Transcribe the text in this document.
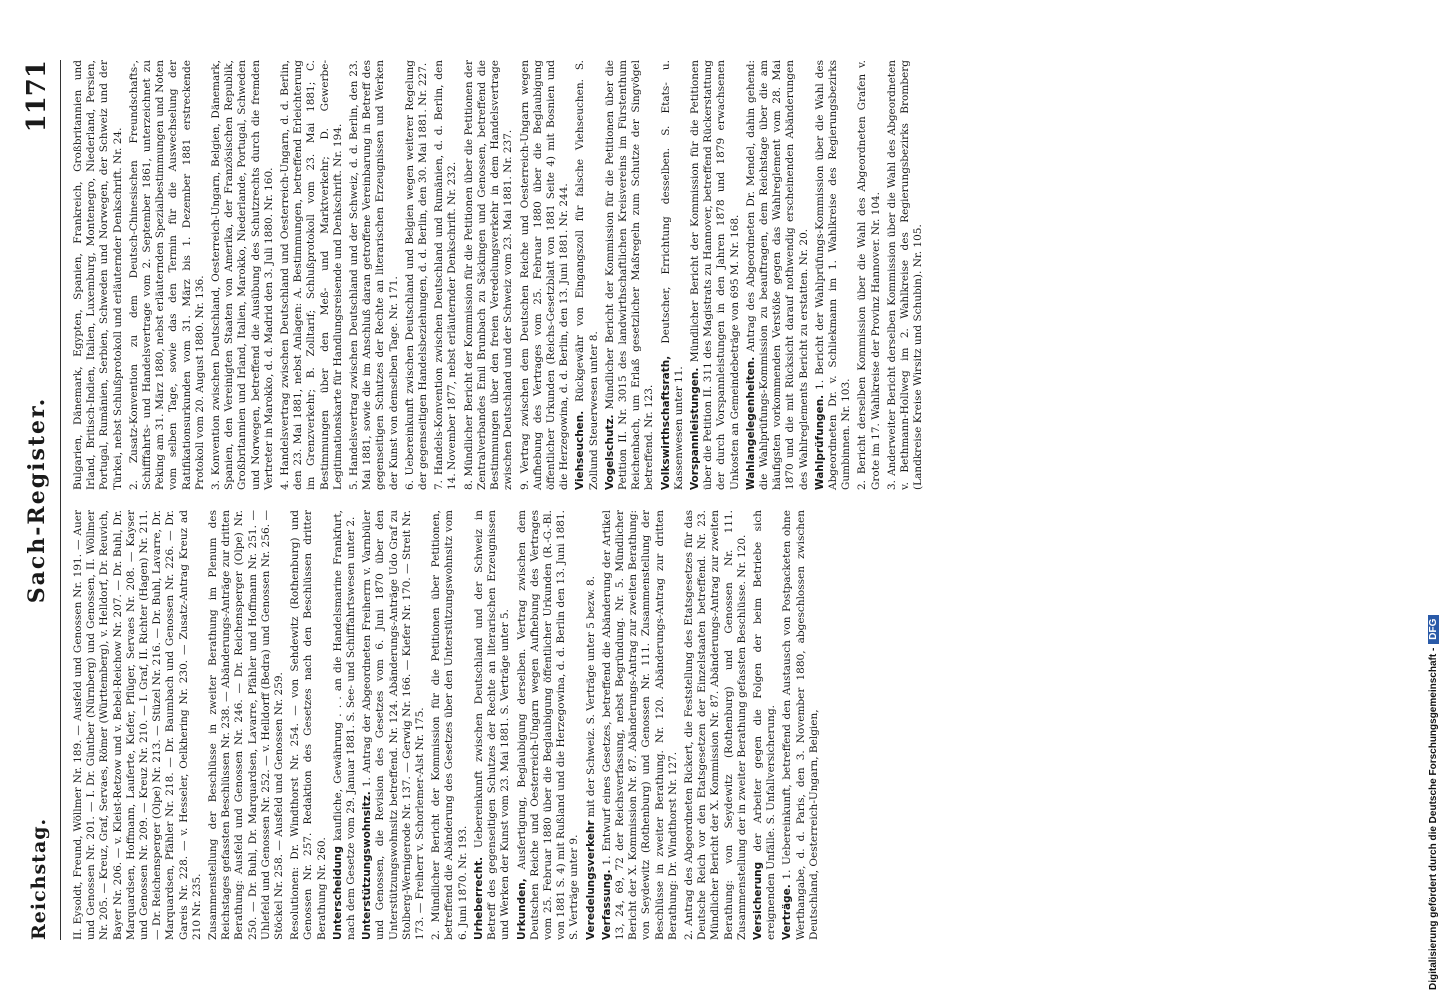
Reichstag.
Sach-Register.
1171
II. Eysoldt, Freund, Wöllmer Nr. 189. — Ausfeld und Genossen Nr. 191. — Auer und Genossen Nr. 201. — I. Dr. Güntber (Nürnberg) und Genossen, II. Wöllmer Nr. 205. — Kreuz, Graf, Servaes, Römer (Württemberg), v. Helldorf, Dr. Reuvich, Bayer Nr. 206. — v. Kleist-Retzow und v. Bebel-Reichow Nr. 207. — Dr. Buhl, Dr. Marquardsen, Hoffmann, Lauferte, Kiefer, Pflüger, Servaes Nr. 208. — Kayser und Genossen Nr. 209. — Kreuz Nr. 210. — I. Graf, II. Richter (Hagen) Nr. 211. — Dr. Reichensperger (Olpe) Nr. 213. — Stüzel Nr. 216. — Dr. Buhl, Lavarre, Dr. Marquardsen, Pfähler Nr. 218. — Dr. Baumbach und Genossen Nr. 226. — Dr. Gareis Nr. 228. — v. Hesseler, Oelkhering Nr. 230. — Zusatz-Antrag Kreuz ad 210 Nr. 235. Zusammenstellung der Beschlüsse in zweiter Berathung im Plenum des Reichstages gefassten Beschlüssen Nr. 238. — Abänderungs-Anträge zur dritten Berathung: Ausfeld und Genossen Nr. 246. — Dr. Reichensperger (Olpe) Nr. 250. — Dr. Buhl, Dr. Marquardsen, Lavarre, Pfähler und Hoffmann Nr. 251. — Uhlefeld und Genossen Nr. 252. — v. Helldorff (Bedra) und Genossen Nr. 256. — Stöckel Nr. 258. — Ausfeld und Genossen Nr. 259. Resolutionen: Dr. Windthorst Nr. 254. — von Sehdewitz (Rothenburg) und Genossen Nr. 257. Redaktion des Gesetzes nach den Beschlüssen dritter Berathung Nr. 260. Unterscheidung kaufliche, Gewährung . . . an die Handelsmarine Frankfurt, nach dem Gesetze vom 29. Januar 1881. S. See- und Schifffahrtswesen unter 2. Unterstützungswohnsitz. 1. Antrag der Abgeordneten Freiherrn v. Varnbüler und Genossen, die Revision des Gesetzes vom 6. Juni 1870 über den Unterstützungswohnsitz betreffend. Nr. 124. Abänderungs-Anträge Udo Graf zu Stolberg-Wernigerode Nr. 137. — Gerwig Nr. 166. — Kiefer Nr. 170. — Streit Nr. 173. — Freiherr v. Schorlemer-Alst Nr. 175. 2. Mündlicher Bericht der Kommission für die Petitionen über Petitionen, betreffend die Abänderung des Gesetzes über den Unterstützungswohnsitz vom 6. Juni 1870. Nr. 193. Urheberrecht. Uebereinkunft zwischen Deutschland und der Schweiz in Betreff des gegenseitigen Schutzes der Rechte an literarischen Erzeugnissen und Werken der Kunst vom 23. Mai 1881. S. Verträge unter 5. Urkunden, Ausfertigung, Beglaubigung derselben. Vertrag zwischen dem Deutschen Reiche und Oesterreich-Ungarn wegen Aufhebung des Vertrages vom 25. Februar 1880 über die Beglaubigung öffentlicher Urkunden (R.-G.-Bl. von 1881 S. 4) mit Rußland und die Herzegowina, d. d. Berlin den 13. Juni 1881. S. Verträge unter 9. Veredelungsverkehr mit der Schweiz. S. Verträge unter 5 bezw. 8.
Verfassung. 1. Entwurf eines Gesetzes, betreffend die Abänderung der Artikel 13, 24, 69, 72 der Reichsverfassung, nebst Begründung. Nr. 5. Mündlicher Bericht der X. Kommission Nr. 87. Abänderungs-Antrag zur zweiten Berathung: von Seydewitz (Rothenburg) und Genossen Nr. 111. Zusammenstellung der Beschlüsse in zweiter Berathung. Nr. 120. Abänderungs-Antrag zur dritten Berathung: Dr. Windthorst Nr. 127. 2. Antrag des Abgeordneten Rickert, die Feststellung des Etatsgesetzes für das Deutsche Reich vor den Etatsgesetzen der Einzelstaaten betreffend. Nr. 23. Mündlicher Bericht der X. Kommission Nr. 87. Abänderungs-Antrag zur zweiten Berathung: von Seydewitz (Rothenburg) und Genossen Nr. 111. Zusammenstellung der in zweiter Berathung gefassten Beschlüsse. Nr. 120. Versicherung der Arbeiter gegen die Folgen der beim Betriebe sich ereignenden Unfälle. S. Unfallversicherung. Verträge. 1. Uebereinkunft, betreffend den Austausch von Postpacketen ohne Werthangabe, d. d. Paris, den 3. November 1880, abgeschlossen zwischen Deutschland, Oesterreich-Ungarn, Belgien,
Bulgarien, Dänemark, Egypten, Spanien, Frankreich, Großbritannien und Irland, Britisch-Indien, Italien, Luxemburg, Montenegro, Niederland, Persien, Portugal, Rumänien, Serbien, Schweden und Norwegen, der Schweiz und der Türkei, nebst Schlußprotokoll und erläuternder Denkschrift. Nr. 24. 2. Zusatz-Konvention zu dem Deutsch-Chinesischen Freundschafts-, Schifffahrts- und Handelsvertrage vom 2. September 1861, unterzeichnet zu Peking am 31. März 1880, nebst erläuternden Spezialbestimmungen und Noten vom selben Tage, sowie das den Termin für die Auswechselung der Ratifikationsurkunden vom 31. März bis 1. Dezember 1881 erstreckende Protokoll vom 20. August 1880. Nr. 136. 3. Konvention zwischen Deutschland, Oesterreich-Ungarn, Belgien, Dänemark, Spanien, den Vereinigten Staaten von Amerika, der Französischen Republik, Großbritannien und Irland, Italien, Marokko, Niederlande, Portugal, Schweden und Norwegen, betreffend die Ausübung des Schutzrechts durch die fremden Vertreter in Marokko, d. d. Madrid den 3. Juli 1880. Nr. 160. 4. Handelsvertrag zwischen Deutschland und Oesterreich-Ungarn, d. d. Berlin, den 23. Mai 1881, nebst Anlagen: A. Bestimmungen, betreffend Erleichterung im Grenzverkehr; B. Zolltarif; Schlußprotokoll vom 23. Mai 1881; C. Bestimmungen über den Meß- und Marktverkehr; D. Gewerbe-Legitimationskarte für Handlungsreisende und Denkschrift. Nr. 194. 5. Handelsvertrag zwischen Deutschland und der Schweiz, d. d. Berlin, den 23. Mai 1881, sowie die im Anschluß daran getroffene Vereinbarung in Betreff des gegenseitigen Schutzes der Rechte an literarischen Erzeugnissen und Werken der Kunst von demselben Tage. Nr. 171. 6. Uebereinkunft zwischen Deutschland und Belgien wegen weiterer Regelung der gegenseitigen Handelsbeziehungen, d. d. Berlin, den 30. Mai 1881. Nr. 227. 7. Handels-Konvention zwischen Deutschland und Rumänien, d. d. Berlin, den 14. November 1877, nebst erläuternder Denkschrift. Nr. 232. 8. Mündlicher Bericht der Kommission für die Petitionen über die Petitionen der Zentralverbandes Emil Brunbach zu Säckingen und Genossen, betreffend die Bestimmungen über den freien Veredelungsverkehr in dem Handelsvertrage zwischen Deutschland und der Schweiz vom 23. Mai 1881. Nr. 237. 9. Vertrag zwischen dem Deutschen Reiche und Oesterreich-Ungarn wegen Aufhebung des Vertrages vom 25. Februar 1880 über die Beglaubigung öffentlicher Urkunden (Reichs-Gesetzblatt von 1881 Seite 4) mit Bosnien und die Herzegowina, d. d. Berlin, den 13. Juni 1881. Nr. 244. Viehseuchen. Rückgewähr von Eingangszoll für falsche Viehseuchen. S. Zollund Steuerwesen unter 8. Vogelschutz. Mündlicher Bericht der Kommission für die Petitionen über die Petition II. Nr. 3015 des landwirthschaftlichen Kreisvereins im Fürstenthum Reichenbach, um Erlaß gesetzlicher Maßregeln zum Schutze der Singvögel betreffend. Nr. 123. Volkswirthschaftsrath, Deutscher, Errichtung desselben. S. Etats- u. Kassenwesen unter 11. Vorspannleistungen. Mündlicher Bericht der Kommission für die Petitionen über die Petition II. 311 des Magistrats zu Hannover, betreffend Rückerstattung der durch Vorspannleistungen in den Jahren 1878 und 1879 erwachsenen Unkosten an Gemeindebeträge von 695 M. Nr. 168. Wahlangelegenheiten. Antrag des Abgeordneten Dr. Mendel, dahin gehend: die Wahlprüfungs-Kommission zu beauftragen, dem Reichstage über die am häufigsten vorkommenden Verstöße gegen das Wahlreglement vom 28. Mai 1870 und die mit Rücksicht darauf nothwendig erscheinenden Abänderungen des Wahlreglements Bericht zu erstatten. Nr. 20. Wahlprüfungen. 1. Bericht der Wahlprüfungs-Kommission über die Wahl des Abgeordneten Dr. v. Schliekmann im 1. Wahlkreise des Regierungsbezirks Gumbinnen. Nr. 103. 2. Bericht derselben Kommission über die Wahl des Abgeordneten Grafen v. Grote im 17. Wahlkreise der Provinz Hannover. Nr. 104. 3. Anderweiter Bericht derselben Kommission über die Wahl des Abgeordneten v. Bethmann-Hollweg im 2. Wahlkreise des Regierungsbezirks Bromberg (Landkreise Kreise Wirsitz und Schubin). Nr. 105.
Digitalisierung gefördert durch die Deutsche Forschungsgemeinschaft -DFG
